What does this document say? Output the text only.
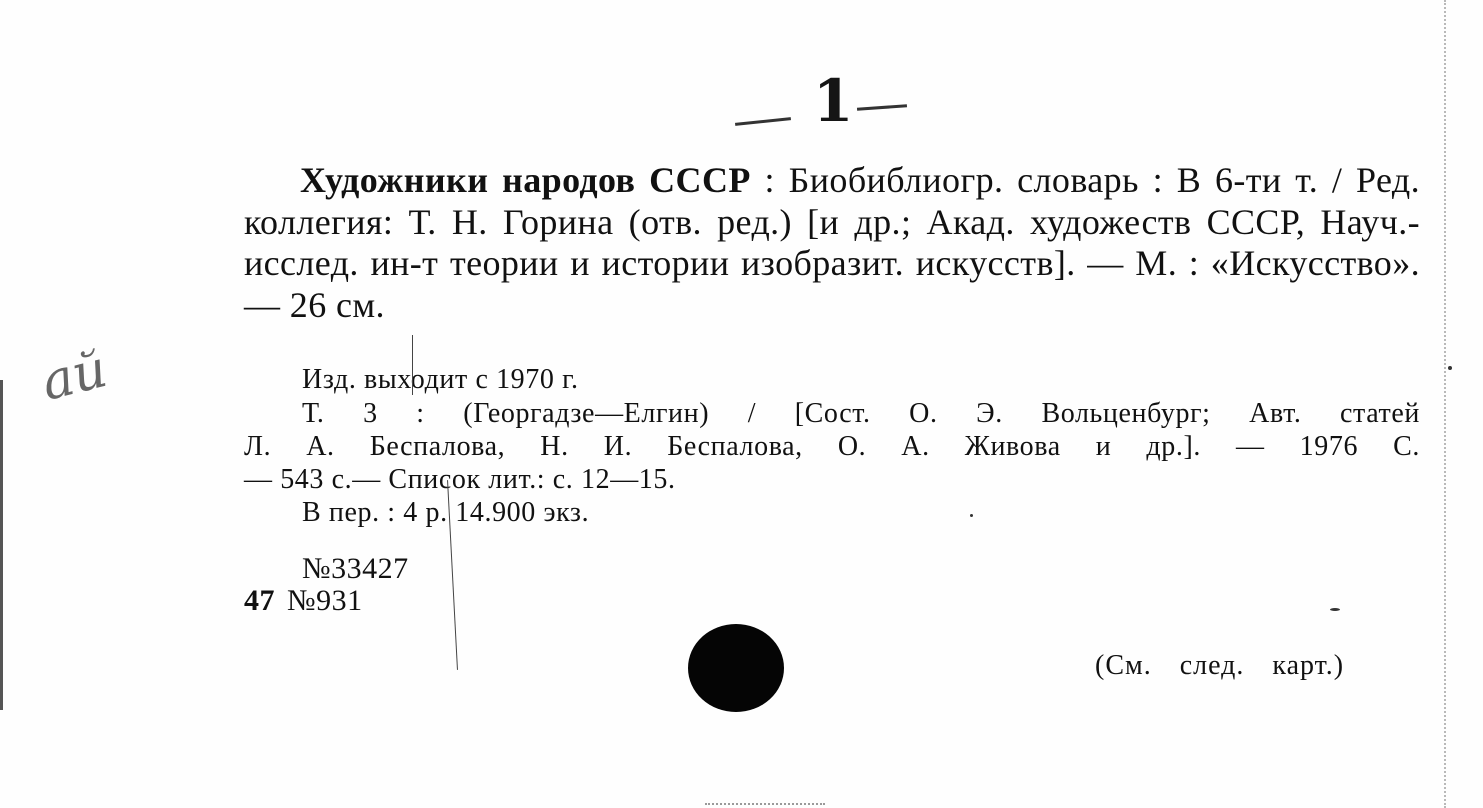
1
ай
Художники народов СССР : Биобиблиогр. словарь : В 6-ти т. / Ред. коллегия: Т. Н. Горина (отв. ред.) [и др.; Акад. художеств СССР, Науч.-исслед. ин-т теории и истории изобразит. искусств]. — М. : «Искусство». — 26 см.
Изд. выходит с 1970 г.
Т. 3 : (Георгадзе—Елгин) / [Сост. О. Э. Вольценбург; Авт. статей
Л. А. Беспалова, Н. И. Беспалова, О. А. Живова и др.]. — 1976 С.
— 543 с.— Список лит.: с. 12—15.
В пер. : 4 р. 14.900 экз.
№33427
47 №931
(См. след. карт.)
